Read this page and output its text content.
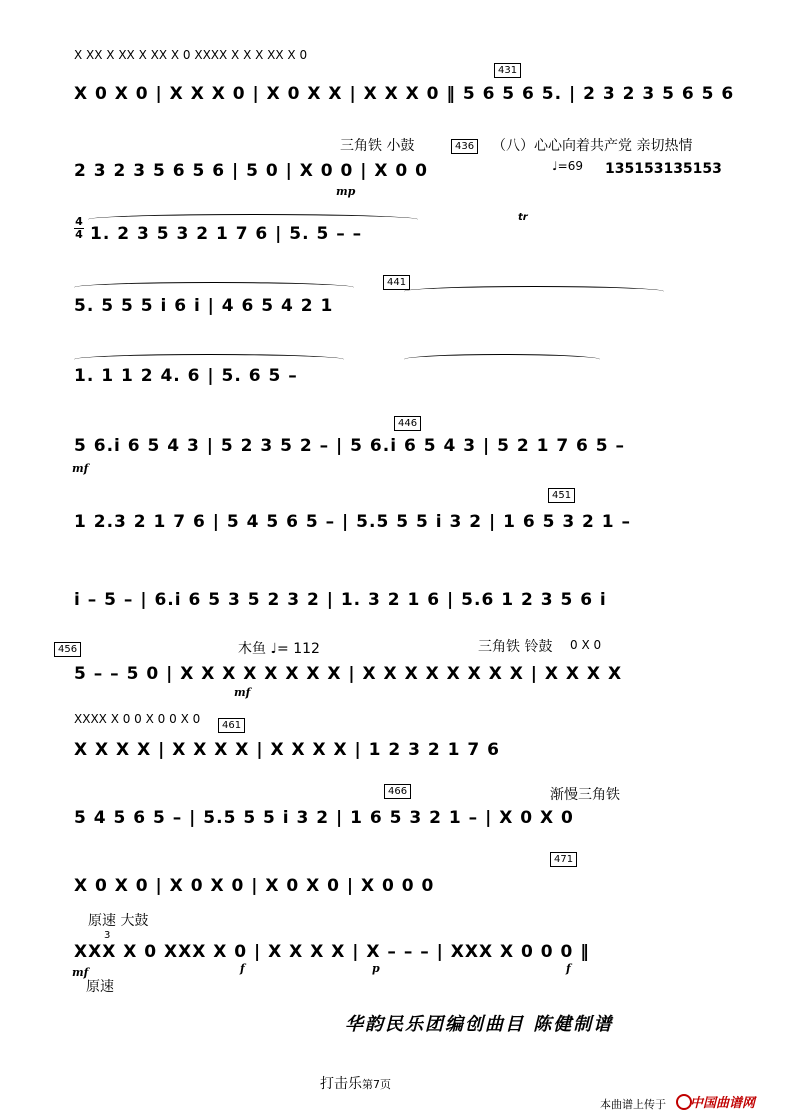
X XX X XX X XX X 0 XXXX X X X XX X 0
X 0 X 0 | X X X 0 | X 0 X X | X X X 0 ‖ 5 6 5 6 5. | 2 3 2 3 5 6 5 6
431
三角铁 小鼓	（八）心心向着共产党 亲切热情
436
2 3 2 3 5 6 5 6 | 5 0 | X 0 0 | X 0 0	♩=69 135153135153
mp
4
4 1. 2 3 5 3 2 1 7 6 | 5. 5 – –
tr
441
5. 5 5 5 i 6 i | 4 6 5 4 2 1
1. 1 1 2 4. 6 | 5. 6 5 –
446
5 6.i 6 5 4 3 | 5 2 3 5 2 – | 5 6.i 6 5 4 3 | 5 2 1 7 6 5 –
mf
451
1 2.3 2 1 7 6 | 5 4 5 6 5 – | 5.5 5 5 i 3 2 | 1 6 5 3 2 1 –
i – 5 – | 6.i 6 5 3 5 2 3 2 | 1. 3 2 1 6 | 5.6 1 2 3 5 6 i
456	木鱼 ♩= 112	三角铁 铃鼓 0 X 0
5 – – 5 0 | X X X X X X X X | X X X X X X X X | X X X X
mf
XXXX X 0 0 X 0 0 X 0	461
X X X X | X X X X | X X X X | 1 2 3 2 1 7 6
渐慢三角铁
466
5 4 5 6 5 – | 5.5 5 5 i 3 2 | 1 6 5 3 2 1 – | X 0 X 0
471
X 0 X 0 | X 0 X 0 | X 0 X 0 | X 0 0 0
原速 大鼓
3
XXX X 0 XXX X 0 | X X X X | X – – – | XXX X 0 0 0 ‖
mf
原速
f	p	f
华韵民乐团编创曲目 陈健制谱
打击乐第7页
本曲谱上传于 中国曲谱网
